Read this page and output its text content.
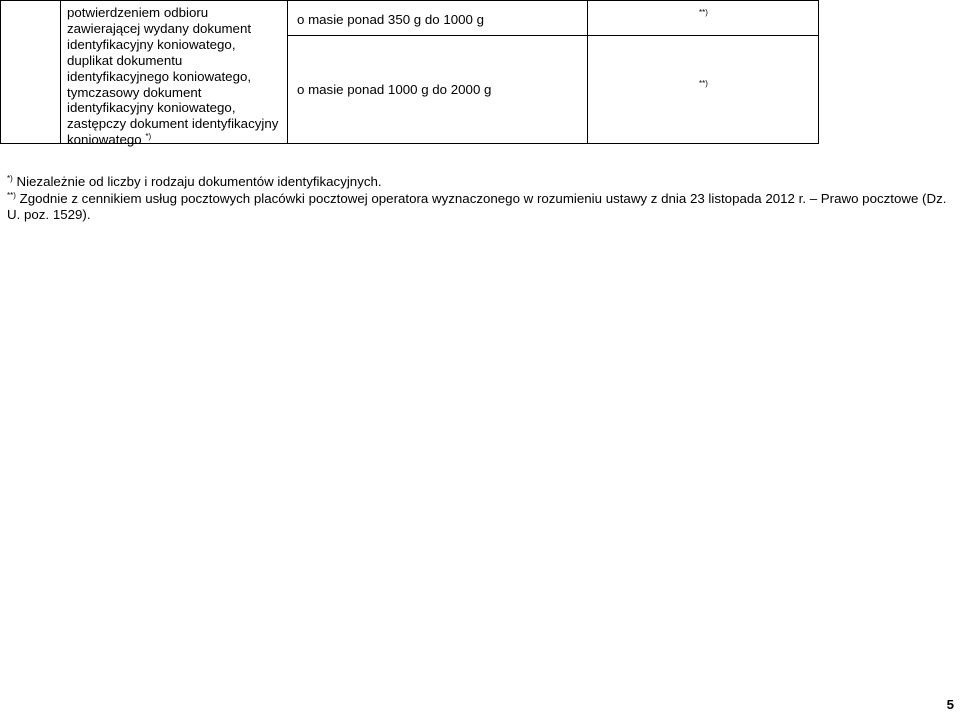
potwierdzeniem odbioru
zawierającej wydany dokument
identyfikacyjny koniowatego,
duplikat dokumentu
identyfikacyjnego koniowatego,
tymczasowy dokument
identyfikacyjny koniowatego,
zastępczy dokument identyfikacyjny
koniowatego *)
o masie ponad 350 g do 1000 g
o masie ponad 1000 g do 2000 g
**)
**)
*) Niezależnie od liczby i rodzaju dokumentów identyfikacyjnych.
**) Zgodnie z cennikiem usług pocztowych placówki pocztowej operatora wyznaczonego w rozumieniu ustawy z dnia 23 listopada 2012 r. – Prawo pocztowe (Dz. U. poz. 1529).
5
